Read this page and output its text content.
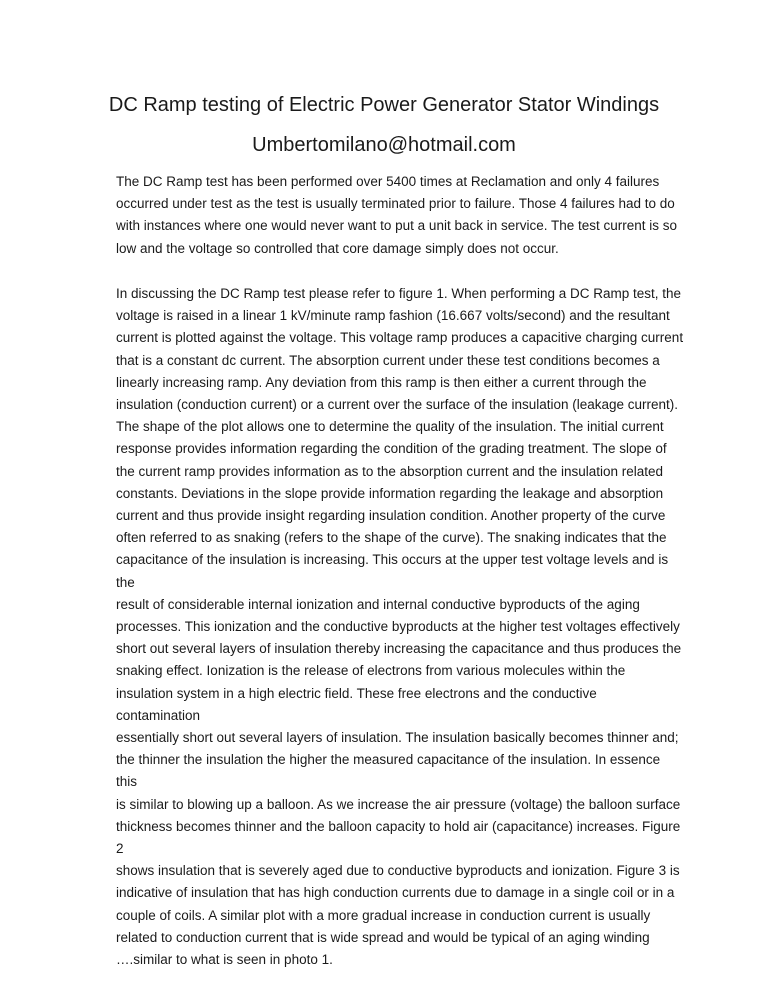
DC Ramp testing of Electric Power Generator Stator Windings
Umbertomilano@hotmail.com

The DC Ramp test has been performed over 5400 times at Reclamation and only 4 failures
occurred under test as the test is usually terminated prior to failure. Those 4 failures had to do
with instances where one would never want to put a unit back in service. The test current is so
low and the voltage so controlled that core damage simply does not occur.

In discussing the DC Ramp test please refer to figure 1. When performing a DC Ramp test, the
voltage is raised in a linear 1 kV/minute ramp fashion (16.667 volts/second) and the resultant
current is plotted against the voltage. This voltage ramp produces a capacitive charging current
that is a constant dc current. The absorption current under these test conditions becomes a
linearly increasing ramp. Any deviation from this ramp is then either a current through the
insulation (conduction current) or a current over the surface of the insulation (leakage current).
The shape of the plot allows one to determine the quality of the insulation. The initial current
response provides information regarding the condition of the grading treatment. The slope of
the current ramp provides information as to the absorption current and the insulation related
constants. Deviations in the slope provide information regarding the leakage and absorption
current and thus provide insight regarding insulation condition. Another property of the curve
often referred to as snaking (refers to the shape of the curve). The snaking indicates that the
capacitance of the insulation is increasing. This occurs at the upper test voltage levels and is the
result of considerable internal ionization and internal conductive byproducts of the aging
processes. This ionization and the conductive byproducts at the higher test voltages effectively
short out several layers of insulation thereby increasing the capacitance and thus produces the
snaking effect. Ionization is the release of electrons from various molecules within the
insulation system in a high electric field. These free electrons and the conductive contamination
essentially short out several layers of insulation. The insulation basically becomes thinner and;
the thinner the insulation the higher the measured capacitance of the insulation. In essence this
is similar to blowing up a balloon. As we increase the air pressure (voltage) the balloon surface
thickness becomes thinner and the balloon capacity to hold air (capacitance) increases. Figure 2
shows insulation that is severely aged due to conductive byproducts and ionization. Figure 3 is
indicative of insulation that has high conduction currents due to damage in a single coil or in a
couple of coils. A similar plot with a more gradual increase in conduction current is usually
related to conduction current that is wide spread and would be typical of an aging winding
….similar to what is seen in photo 1.
